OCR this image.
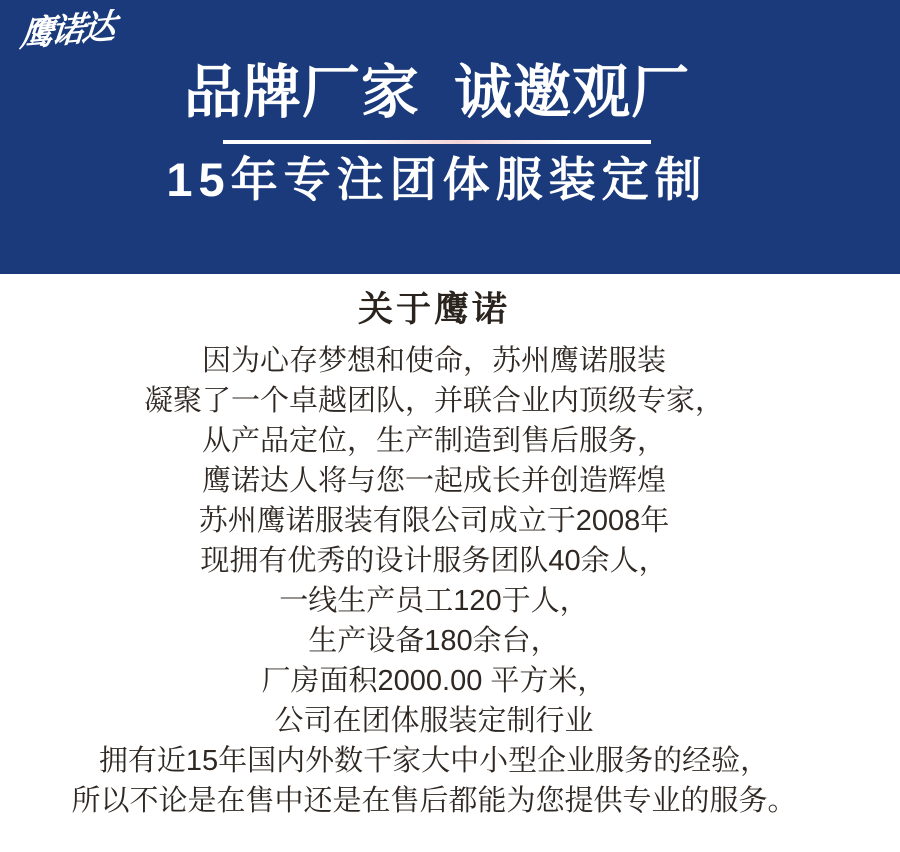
鹰诺达
品牌厂家  诚邀观厂
15年专注团体服装定制
关于鹰诺
因为心存梦想和使命，苏州鹰诺服装
凝聚了一个卓越团队，并联合业内顶级专家，
从产品定位，生产制造到售后服务，
鹰诺达人将与您一起成长并创造辉煌
苏州鹰诺服装有限公司成立于2008年
现拥有优秀的设计服务团队40余人，
一线生产员工120于人，
生产设备180余台，
厂房面积2000.00 平方米，
公司在团体服装定制行业
拥有近15年国内外数千家大中小型企业服务的经验，
所以不论是在售中还是在售后都能为您提供专业的服务。
